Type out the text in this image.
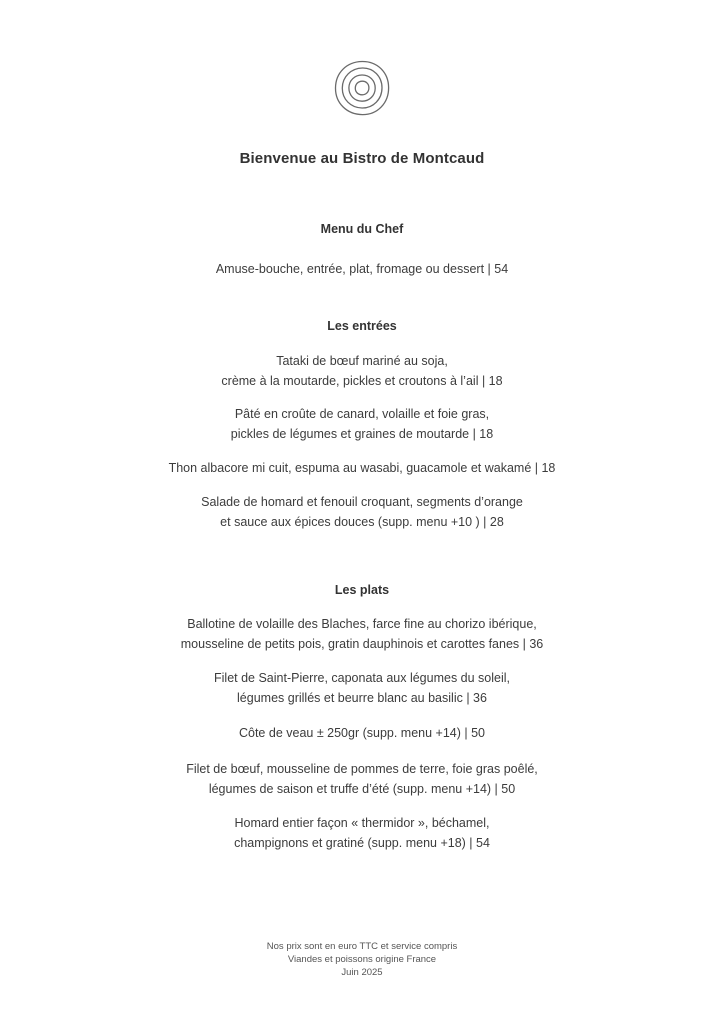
Bienvenue au Bistro de Montcaud
Menu du Chef
Amuse-bouche, entrée, plat, fromage ou dessert | 54
Les entrées
Tataki de bœuf mariné au soja,
crème à la moutarde, pickles et croutons à l’ail | 18
Pâté en croûte de canard, volaille et foie gras,
pickles de légumes et graines de moutarde | 18
Thon albacore mi cuit, espuma au wasabi, guacamole et wakamé | 18
Salade de homard et fenouil croquant, segments d’orange
et sauce aux épices douces (supp. menu +10 ) | 28
Les plats
Ballotine de volaille des Blaches, farce fine au chorizo ibérique,
mousseline de petits pois, gratin dauphinois et carottes fanes | 36
Filet de Saint-Pierre, caponata aux légumes du soleil,
légumes grillés et beurre blanc au basilic | 36
Côte de veau ± 250gr (supp. menu +14) | 50
Filet de bœuf, mousseline de pommes de terre, foie gras poêlé,
légumes de saison et truffe d’été (supp. menu +14) | 50
Homard entier façon « thermidor », béchamel,
champignons et gratiné (supp. menu +18) | 54
Nos prix sont en euro TTC et service compris
Viandes et poissons origine France
Juin 2025
